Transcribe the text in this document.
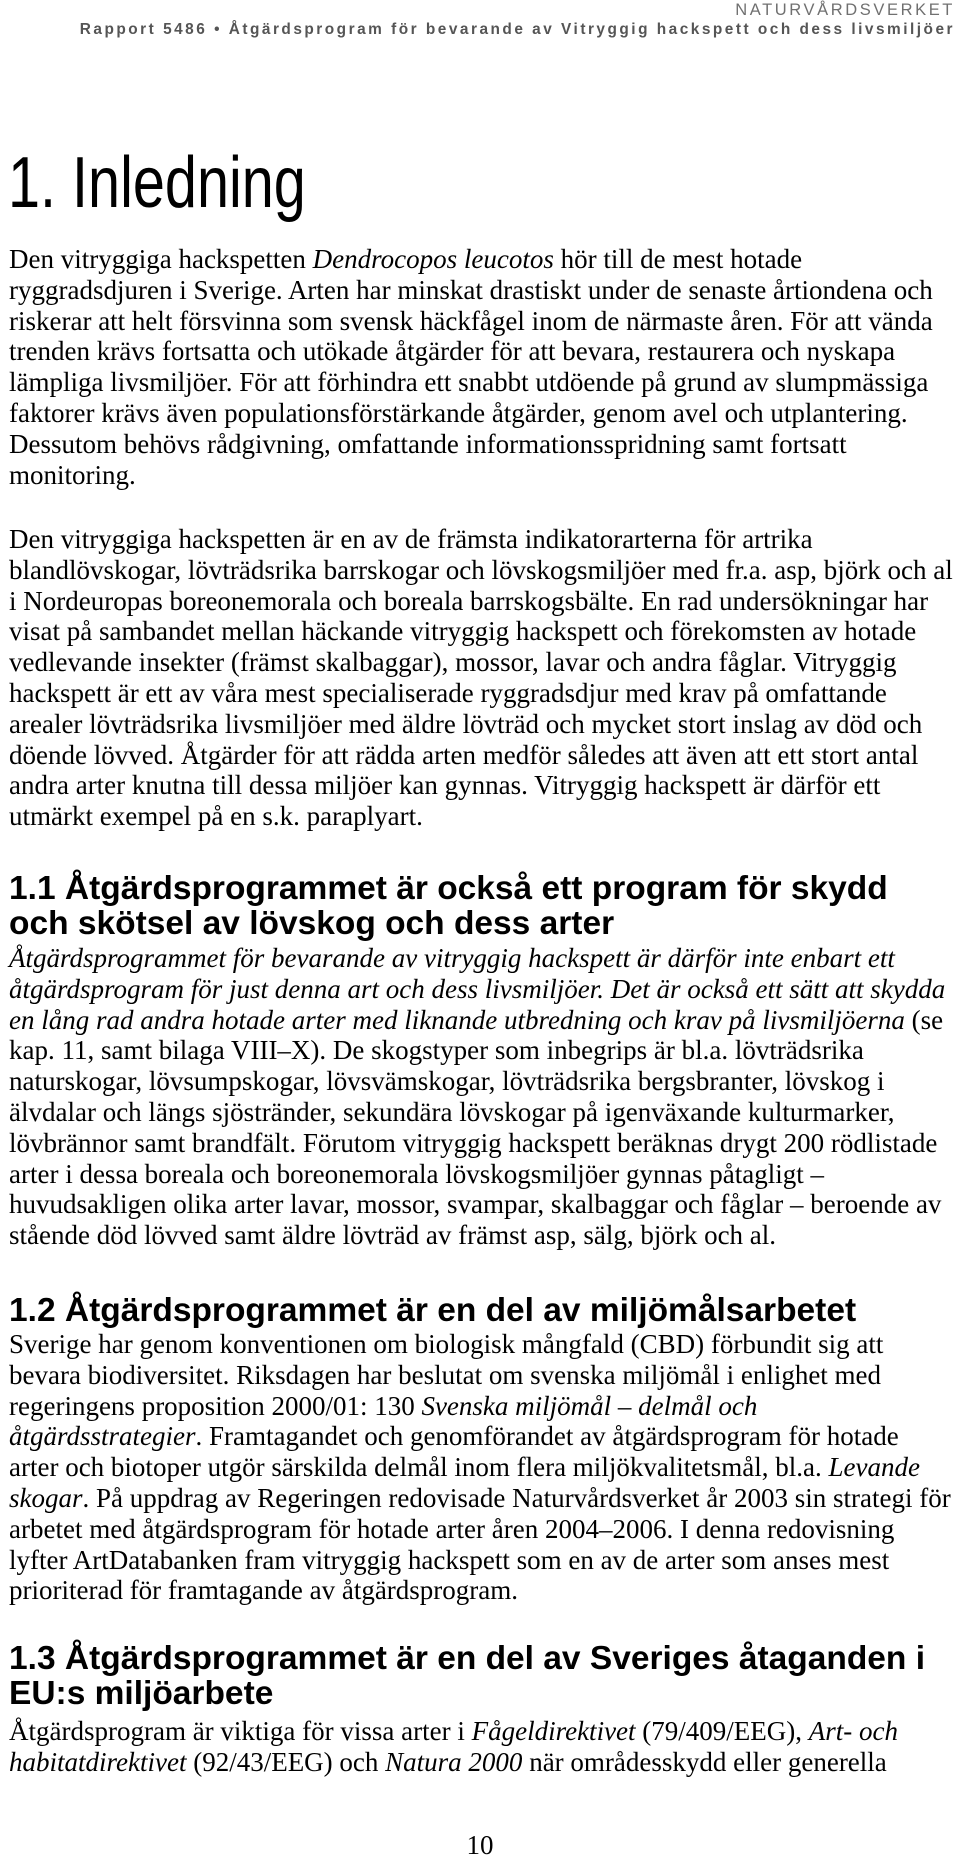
NATURVÅRDSVERKET
Rapport 5486 • Åtgärdsprogram för bevarande av Vitryggig hackspett och dess livsmiljöer
1. Inledning
Den vitryggiga hackspetten Dendrocopos leucotos hör till de mest hotade
ryggradsdjuren i Sverige. Arten har minskat drastiskt under de senaste årtiondena och
riskerar att helt försvinna som svensk häckfågel inom de närmaste åren. För att vända
trenden krävs fortsatta och utökade åtgärder för att bevara, restaurera och nyskapa
lämpliga livsmiljöer. För att förhindra ett snabbt utdöende på grund av slumpmässiga
faktorer krävs även populationsförstärkande åtgärder, genom avel och utplantering.
Dessutom behövs rådgivning, omfattande informationsspridning samt fortsatt
monitoring.
Den vitryggiga hackspetten är en av de främsta indikatorarterna för artrika
blandlövskogar, lövträdsrika barrskogar och lövskogsmiljöer med fr.a. asp, björk och al
i Nordeuropas boreonemorala och boreala barrskogsbälte. En rad undersökningar har
visat på sambandet mellan häckande vitryggig hackspett och förekomsten av hotade
vedlevande insekter (främst skalbaggar), mossor, lavar och andra fåglar. Vitryggig
hackspett är ett av våra mest specialiserade ryggradsdjur med krav på omfattande
arealer lövträdsrika livsmiljöer med äldre lövträd och mycket stort inslag av död och
döende lövved. Åtgärder för att rädda arten medför således att även att ett stort antal
andra arter knutna till dessa miljöer kan gynnas. Vitryggig hackspett är därför ett
utmärkt exempel på en s.k. paraplyart.
1.1 Åtgärdsprogrammet är också ett program för skydd
och skötsel av lövskog och dess arter
Åtgärdsprogrammet för bevarande av vitryggig hackspett är därför inte enbart ett
åtgärdsprogram för just denna art och dess livsmiljöer. Det är också ett sätt att skydda
en lång rad andra hotade arter med liknande utbredning och krav på livsmiljöerna (se
kap. 11, samt bilaga VIII–X). De skogstyper som inbegrips är bl.a. lövträdsrika
naturskogar, lövsumpskogar, lövsvämskogar, lövträdsrika bergsbranter, lövskog i
älvdalar och längs sjöstränder, sekundära lövskogar på igenväxande kulturmarker,
lövbrännor samt brandfält. Förutom vitryggig hackspett beräknas drygt 200 rödlistade
arter i dessa boreala och boreonemorala lövskogsmiljöer gynnas påtagligt –
huvudsakligen olika arter lavar, mossor, svampar, skalbaggar och fåglar – beroende av
stående död lövved samt äldre lövträd av främst asp, sälg, björk och al.
1.2 Åtgärdsprogrammet är en del av miljömålsarbetet
Sverige har genom konventionen om biologisk mångfald (CBD) förbundit sig att
bevara biodiversitet. Riksdagen har beslutat om svenska miljömål i enlighet med
regeringens proposition 2000/01: 130 Svenska miljömål – delmål och
åtgärdsstrategier. Framtagandet och genomförandet av åtgärdsprogram för hotade
arter och biotoper utgör särskilda delmål inom flera miljökvalitetsmål, bl.a. Levande
skogar. På uppdrag av Regeringen redovisade Naturvårdsverket år 2003 sin strategi för
arbetet med åtgärdsprogram för hotade arter åren 2004–2006. I denna redovisning
lyfter ArtDatabanken fram vitryggig hackspett som en av de arter som anses mest
prioriterad för framtagande av åtgärdsprogram.
1.3 Åtgärdsprogrammet är en del av Sveriges åtaganden i
EU:s miljöarbete
Åtgärdsprogram är viktiga för vissa arter i Fågeldirektivet (79/409/EEG), Art- och
habitatdirektivet (92/43/EEG) och Natura 2000 när områdesskydd eller generella
10
